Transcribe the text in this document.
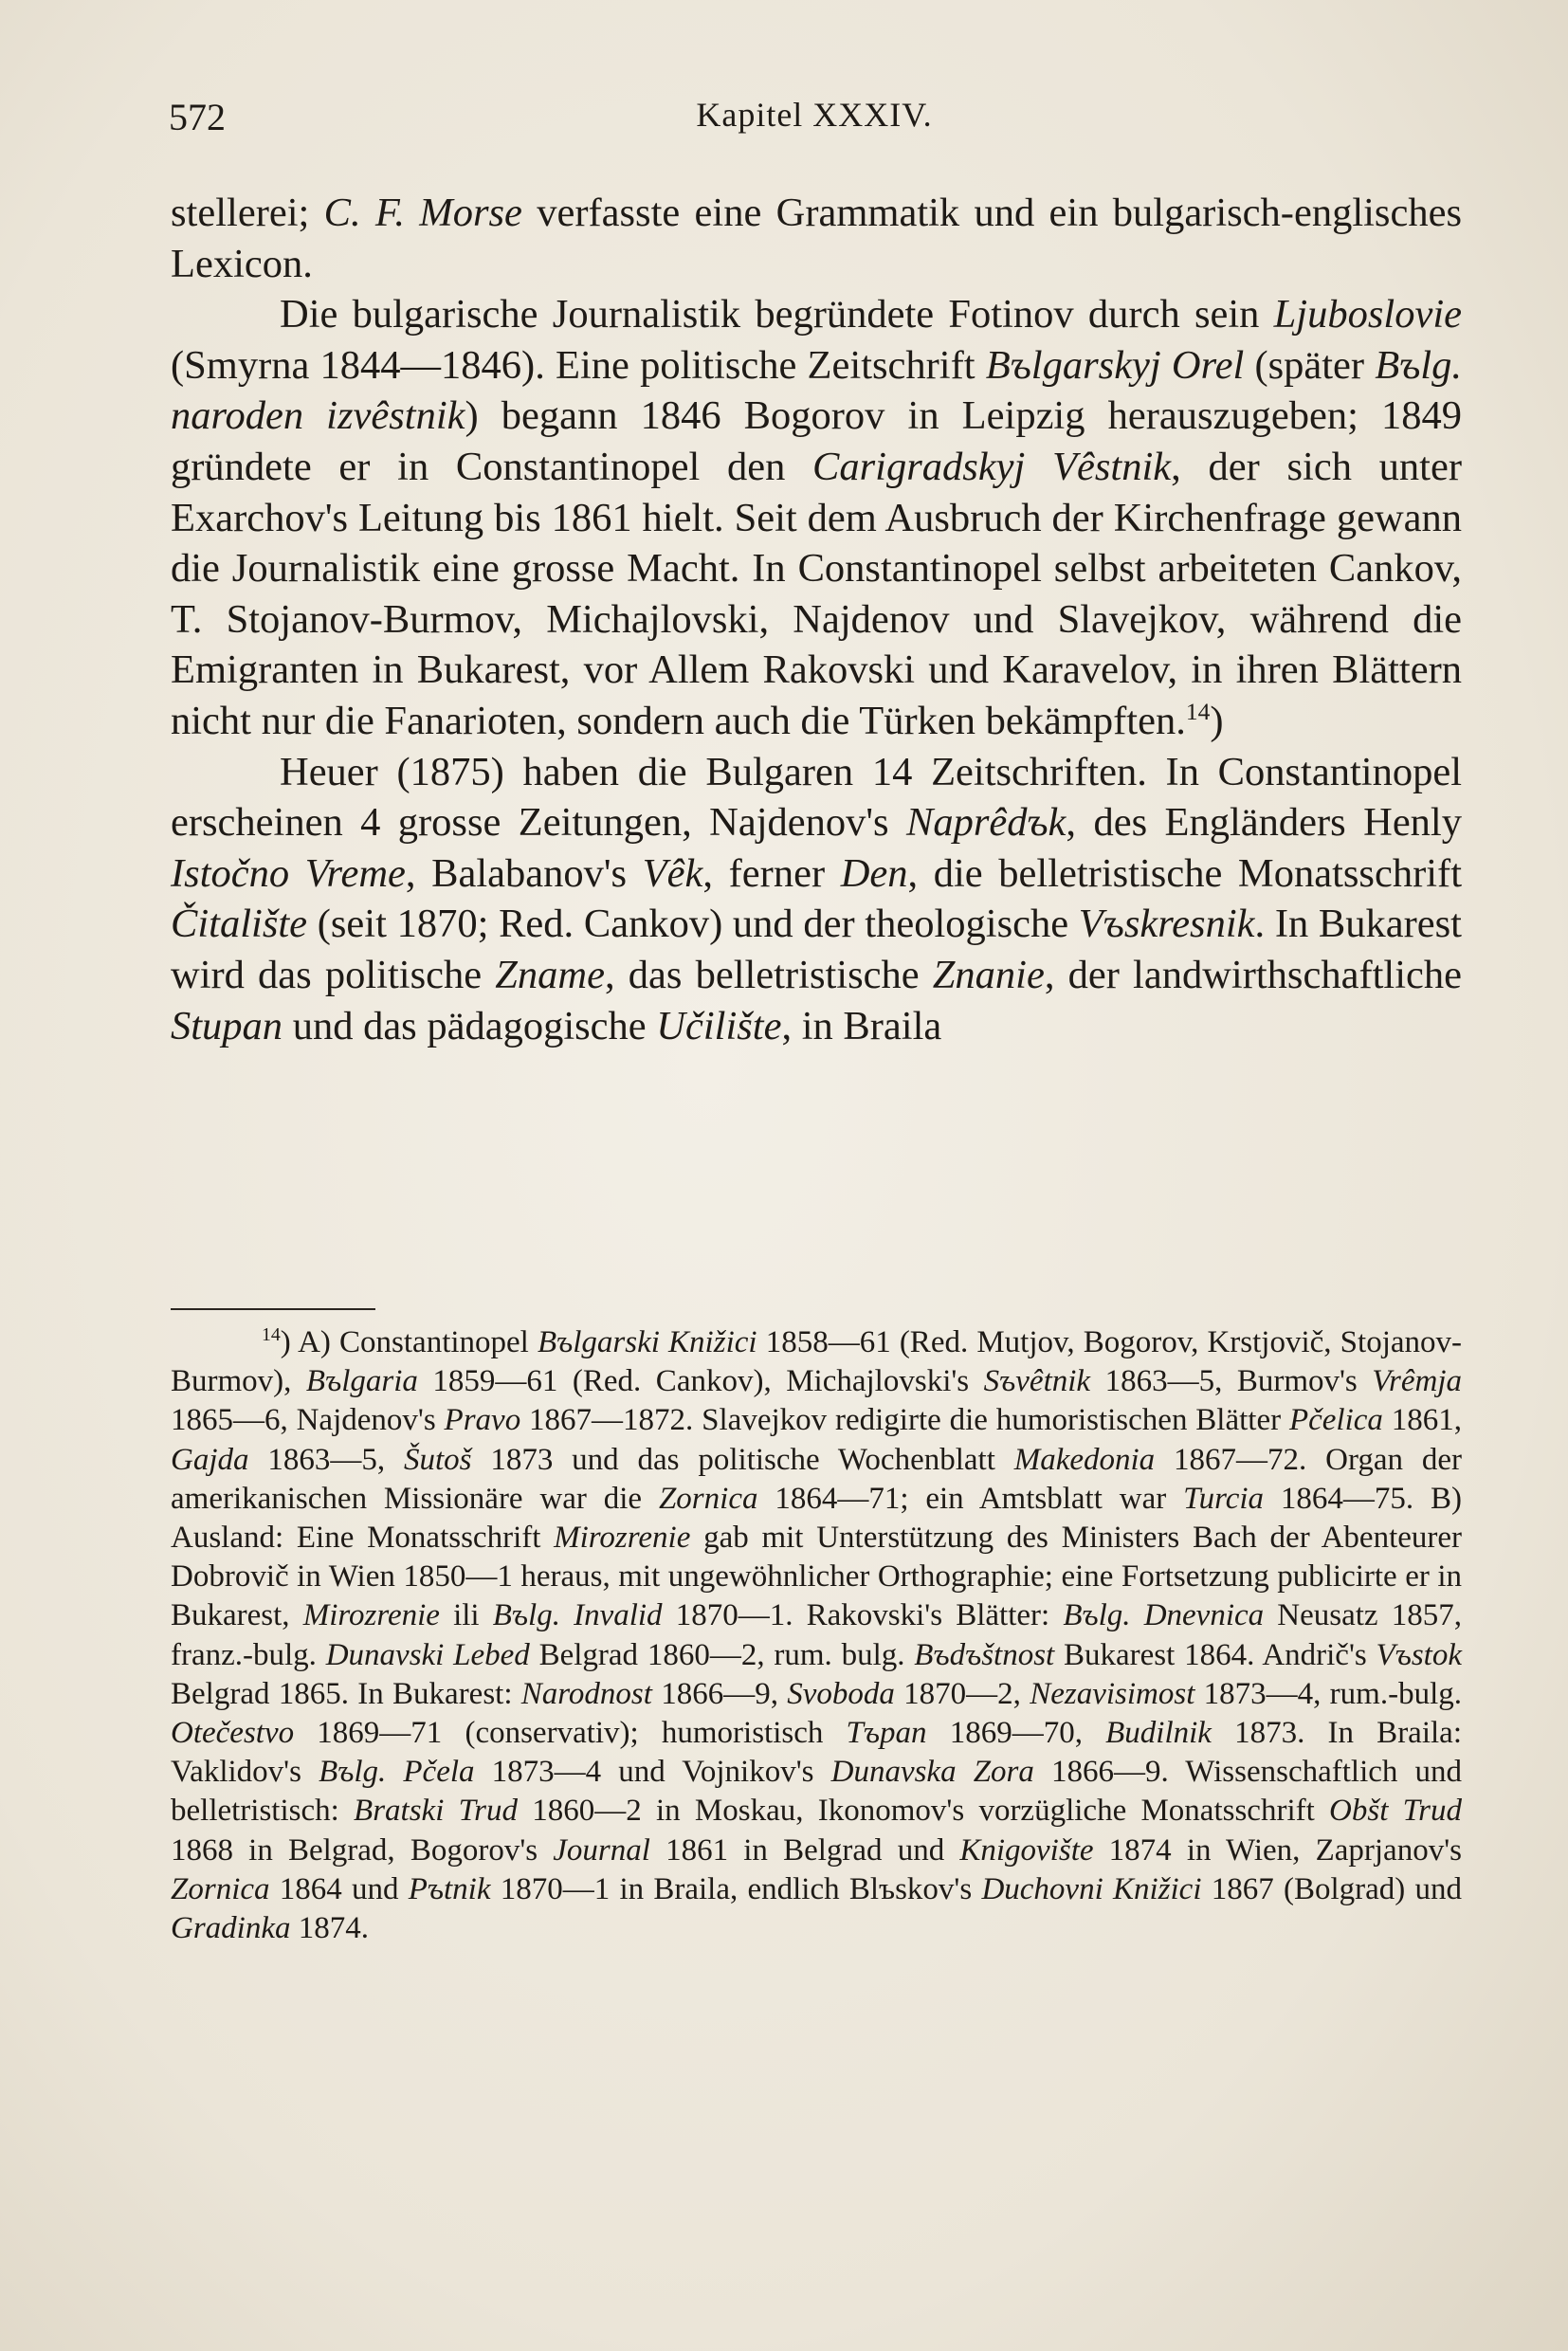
572	Kapitel XXXIV.

stellerei; C. F. Morse verfasste eine Grammatik und ein bulgarisch-englisches Lexicon.

Die bulgarische Journalistik begründete Fotinov durch sein Ljuboslovie (Smyrna 1844—1846). Eine politische Zeitschrift Bъlgarskyj Orel (später Bъlg. naroden izvêstnik) begann 1846 Bogorov in Leipzig herauszugeben; 1849 gründete er in Constantinopel den Carigradskyj Vêstnik, der sich unter Exarchov's Leitung bis 1861 hielt. Seit dem Ausbruch der Kirchenfrage gewann die Journalistik eine grosse Macht. In Constantinopel selbst arbeiteten Cankov, T. Stojanov-Burmov, Michajlovski, Najdenov und Slavejkov, während die Emigranten in Bukarest, vor Allem Rakovski und Karavelov, in ihren Blättern nicht nur die Fanarioten, sondern auch die Türken bekämpften.$^{14}$)

Heuer (1875) haben die Bulgaren 14 Zeitschriften. In Constantinopel erscheinen 4 grosse Zeitungen, Najdenov's Naprêdъk, des Engländers Henly Istočno Vreme, Balabanov's Vêk, ferner Den, die belletristische Monatsschrift Čitalište (seit 1870; Red. Cankov) und der theologische Vъskresnik. In Bukarest wird das politische Zname, das belletristische Znanie, der landwirthschaftliche Stupan und das pädagogische Učilište, in Braila

$^{14}$) A) Constantinopel Bъlgarski Knižici 1858—61 (Red. Mutjov, Bogorov, Krstjovič, Stojanov-Burmov), Bъlgaria 1859—61 (Red. Cankov), Michajlovski's Sъvêtnik 1863—5, Burmov's Vrêmja 1865—6, Najdenov's Pravo 1867—1872. Slavejkov redigirte die humoristischen Blätter Pčelica 1861, Gajda 1863—5, Šutoš 1873 und das politische Wochenblatt Makedonia 1867—72. Organ der amerikanischen Missionäre war die Zornica 1864—71; ein Amtsblatt war Turcia 1864—75. B) Ausland: Eine Monatsschrift Mirozrenie gab mit Unterstützung des Ministers Bach der Abenteurer Dobrovič in Wien 1850—1 heraus, mit ungewöhnlicher Orthographie; eine Fortsetzung publicirte er in Bukarest, Mirozrenie ili Bъlg. Invalid 1870—1. Rakovski's Blätter: Bъlg. Dnevnica Neusatz 1857, franz.-bulg. Dunavski Lebed Belgrad 1860—2, rum. bulg. Bъdъštnost Bukarest 1864. Andrič's Vъstok Belgrad 1865. In Bukarest: Narodnost 1866—9, Svoboda 1870—2, Nezavisimost 1873—4, rum.-bulg. Otečestvo 1869—71 (conservativ); humoristisch Tъpan 1869—70, Budilnik 1873. In Braila: Vaklidov's Bъlg. Pčela 1873—4 und Vojnikov's Dunavska Zora 1866—9. Wissenschaftlich und belletristisch: Bratski Trud 1860—2 in Moskau, Ikonomov's vorzügliche Monatsschrift Obšt Trud 1868 in Belgrad, Bogorov's Journal 1861 in Belgrad und Knigovište 1874 in Wien, Zaprjanov's Zornica 1864 und Pъtnik 1870—1 in Braila, endlich Blъskov's Duchovni Knižici 1867 (Bolgrad) und Gradinka 1874.
